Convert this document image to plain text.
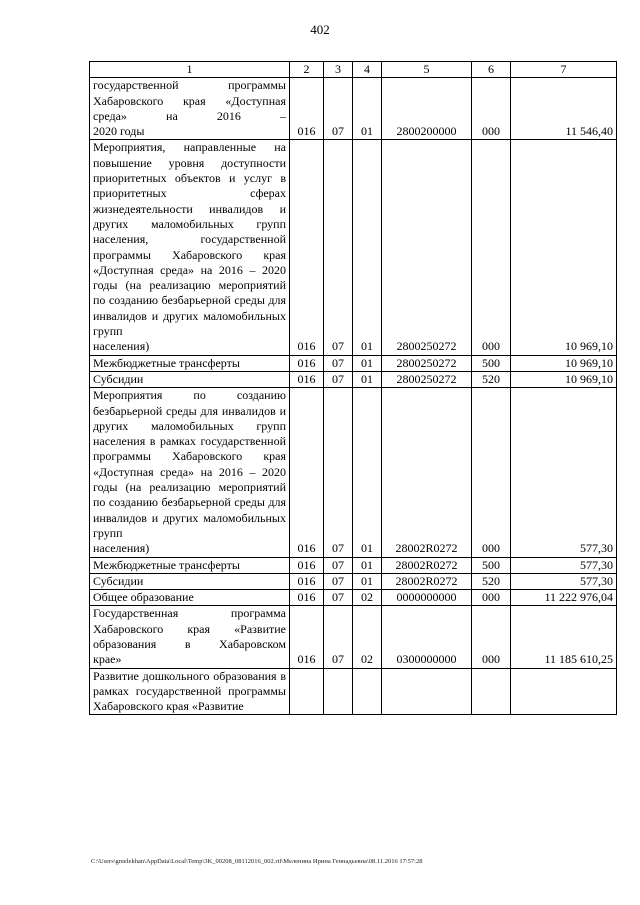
402
1	2	3	4	5	6	7
государственной программы Хабаровского края «Доступная среда» на 2016 –
2020 годы	016	07	01	2800200000	000	11 546,40
Мероприятия, направленные на повышение уровня доступности приоритетных объектов и услуг в приоритетных сферах жизнедеятельности инвалидов и других маломобильных групп населения, государственной программы Хабаровского края «Доступная среда» на 2016 – 2020 годы (на реализацию мероприятий по созданию безбарьерной среды для инвалидов и других маломобильных групп
населения)	016	07	01	2800250272	000	10 969,10

Межбюджетные трансферты	016	07	01	2800250272	500	10 969,10

Субсидии	016	07	01	2800250272	520	10 969,10
Мероприятия по созданию безбарьерной среды для инвалидов и других маломобильных групп населения в рамках государственной программы Хабаровского края «Доступная среда» на 2016 – 2020 годы (на реализацию мероприятий по созданию безбарьерной среды для инвалидов и других маломобильных групп
населения)	016	07	01	28002R0272	000	577,30

Межбюджетные трансферты	016	07	01	28002R0272	500	577,30

Субсидии	016	07	01	28002R0272	520	577,30

Общее образование	016	07	02	0000000000	000	11 222 976,04
Государственная программа Хабаровского края «Развитие образования в Хабаровском
крае»	016	07	02	0300000000	000	11 185 610,25
Развитие дошкольного образования в рамках государственной программы
Хабаровского края «Развитие						

C:\Users\gmelekhan\AppData\Local\Temp\3K_00208_08112016_002.rtf\Меленина Ирина Геннадьевна\08.11.2016 17:57:28
